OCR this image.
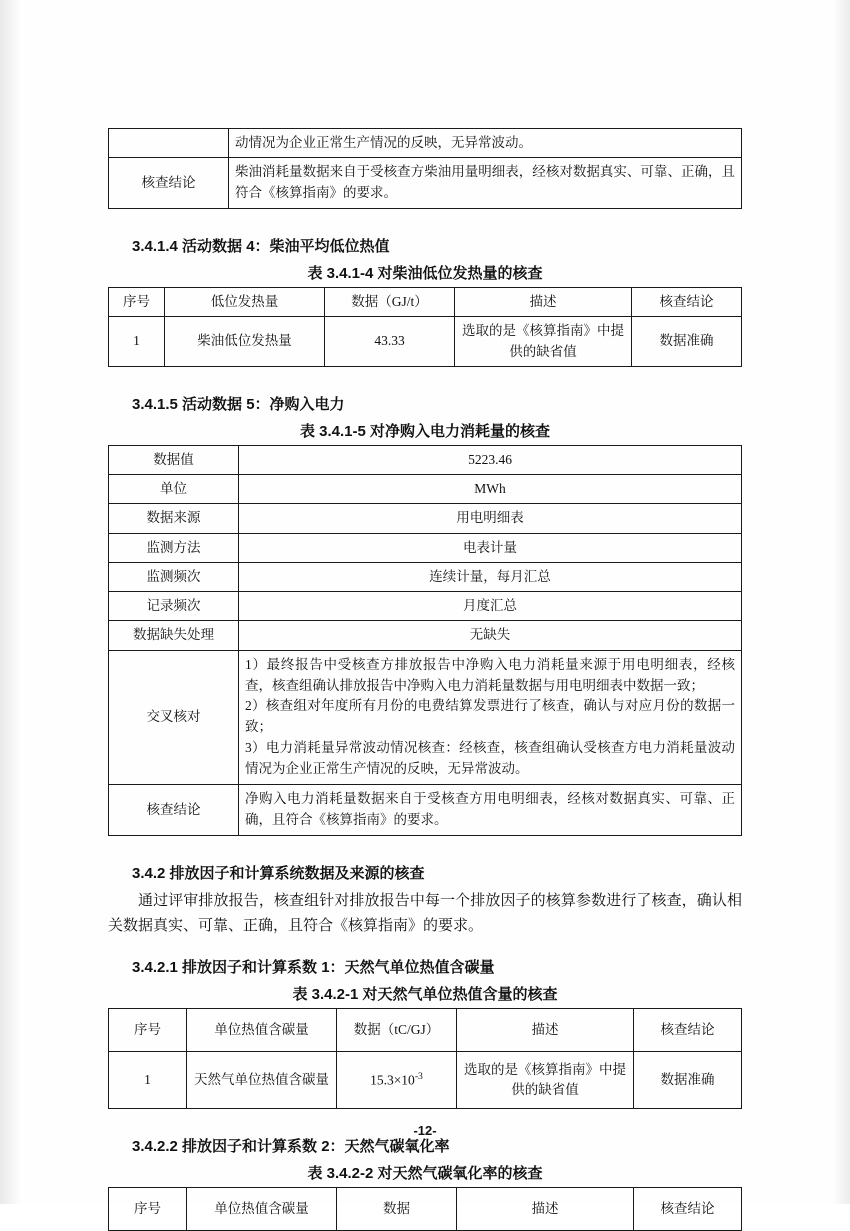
	动情况为企业正常生产情况的反映，无异常波动。
核查结论	柴油消耗量数据来自于受核查方柴油用量明细表，经核对数据真实、可靠、正确，且符合《核算指南》的要求。
3.4.1.4 活动数据 4：柴油平均低位热值
表 3.4.1-4 对柴油低位发热量的核查
序号	低位发热量	数据（GJ/t）	描述	核查结论
1	柴油低位发热量	43.33	选取的是《核算指南》中提供的缺省值	数据准确
3.4.1.5 活动数据 5：净购入电力
表 3.4.1-5 对净购入电力消耗量的核查
数据值	5223.46
单位	MWh
数据来源	用电明细表
监测方法	电表计量
监测频次	连续计量，每月汇总
记录频次	月度汇总
数据缺失处理	无缺失
交叉核对	1）最终报告中受核查方排放报告中净购入电力消耗量来源于用电明细表，经核查，核查组确认排放报告中净购入电力消耗量数据与用电明细表中数据一致；
2）核查组对年度所有月份的电费结算发票进行了核查，确认与对应月份的数据一致；
3）电力消耗量异常波动情况核查：经核查，核查组确认受核查方电力消耗量波动情况为企业正常生产情况的反映，无异常波动。

核查结论	净购入电力消耗量数据来自于受核查方用电明细表，经核对数据真实、可靠、正确，且符合《核算指南》的要求。
3.4.2 排放因子和计算系统数据及来源的核查

通过评审排放报告，核查组针对排放报告中每一个排放因子的核算参数进行了核查，确认相关数据真实、可靠、正确，且符合《核算指南》的要求。

3.4.2.1 排放因子和计算系数 1：天然气单位热值含碳量
表 3.4.2-1 对天然气单位热值含量的核查
序号	单位热值含碳量	数据（tC/GJ）	描述	核查结论
1	天然气单位热值含碳量	$15.3\times 10^{-3}$	选取的是《核算指南》中提供的缺省值	数据准确
3.4.2.2 排放因子和计算系数 2：天然气碳氧化率
表 3.4.2-2 对天然气碳氧化率的核查
序号	单位热值含碳量	数据	描述	核查结论
-12-
